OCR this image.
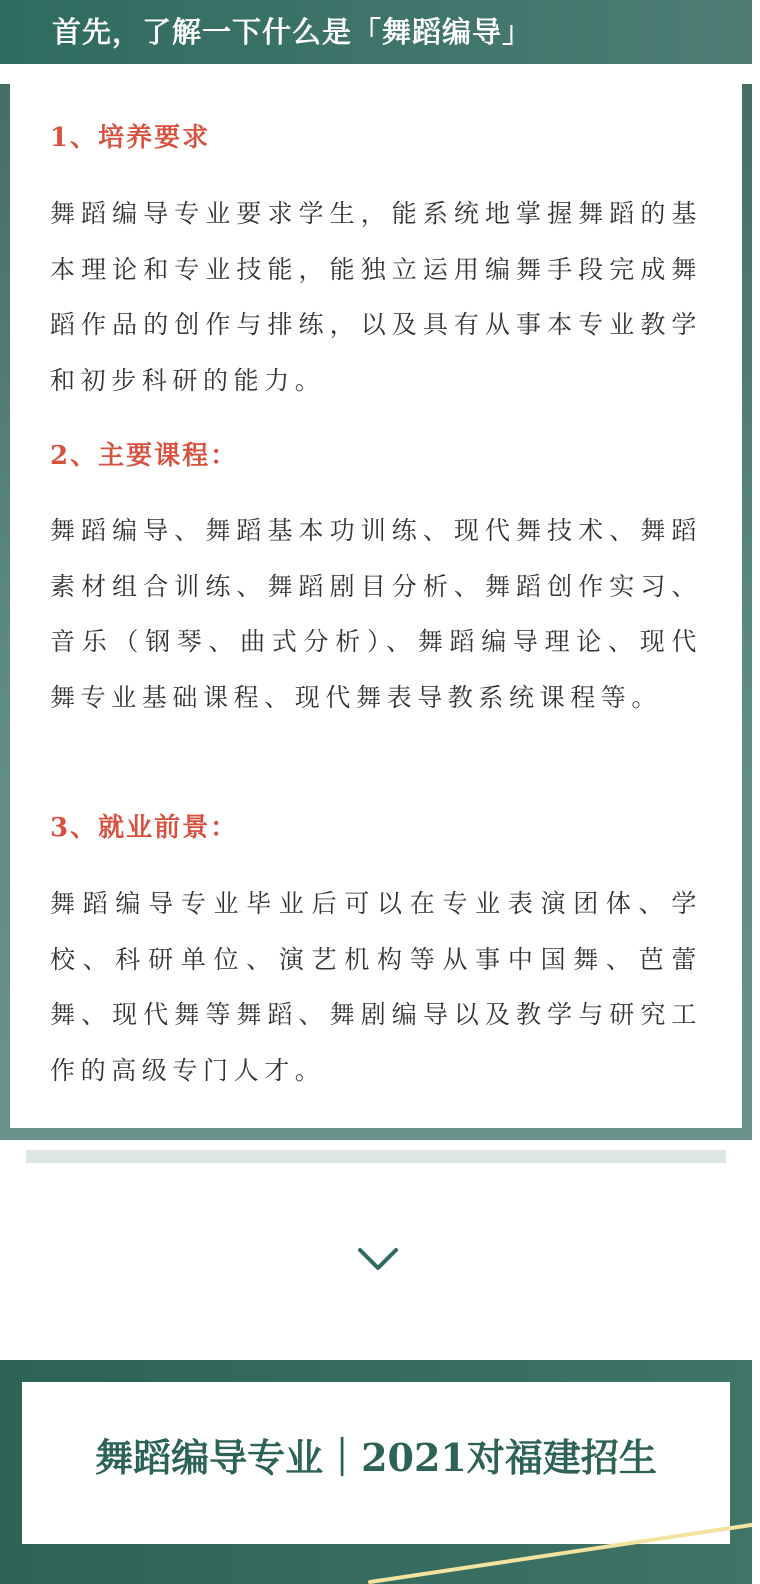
首先，了解一下什么是「舞蹈编导」
1、培养要求
舞蹈编导专业要求学生，能系统地掌握舞蹈的基本理论和专业技能，能独立运用编舞手段完成舞蹈作品的创作与排练，以及具有从事本专业教学和初步科研的能力。
2、主要课程：
舞蹈编导、舞蹈基本功训练、现代舞技术、舞蹈素材组合训练、舞蹈剧目分析、舞蹈创作实习、音乐（钢琴、曲式分析）、舞蹈编导理论、现代舞专业基础课程、现代舞表导教系统课程等。
3、就业前景：
舞蹈编导专业毕业后可以在专业表演团体、学校、科研单位、演艺机构等从事中国舞、芭蕾舞、现代舞等舞蹈、舞剧编导以及教学与研究工作的高级专门人才。
舞蹈编导专业｜2021对福建招生
